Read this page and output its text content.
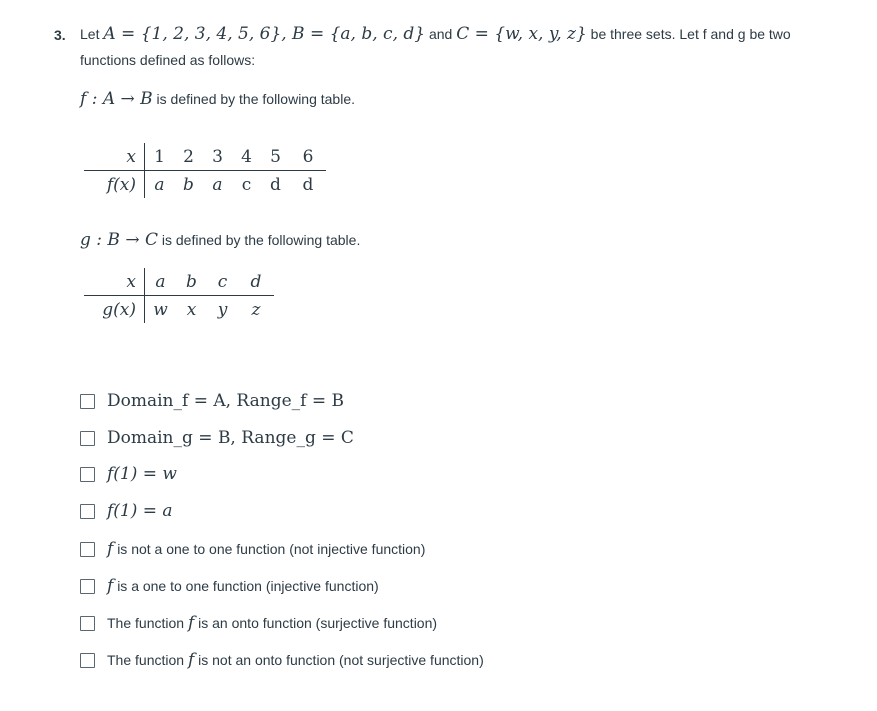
3. Let A = {1, 2, 3, 4, 5, 6}, B = {a, b, c, d} and C = {w, x, y, z} be three sets. Let f and g be two
functions defined as follows:
f : A → B is defined by the following table.
x	1	2	3	4	5	6
f(x)	a	b	a	c	d	d
g : B → C is defined by the following table.
x	a	b	c	d
g(x)	w	x	y	z
Domain_f = A, Range_f = B
Domain_g = B, Range_g = C
f(1) = w
f(1) = a
f is not a one to one function (not injective function)
f is a one to one function (injective function)
The function f is an onto function (surjective function)
The function f is not an onto function (not surjective function)
